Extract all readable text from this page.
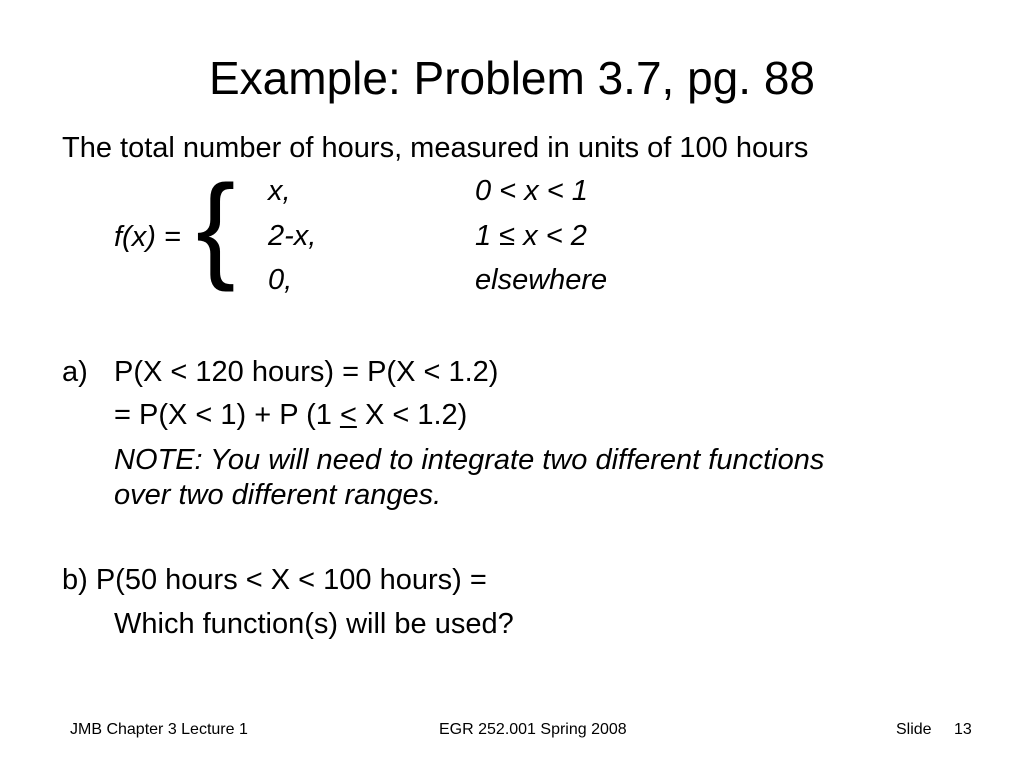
Example: Problem 3.7, pg. 88
The total number of hours, measured in units of 100 hours
f(x) = { x,	0 < x < 1
2-x,	1 ≤ x < 2
0,	elsewhere
a) P(X < 120 hours) = P(X < 1.2)
= P(X < 1) + P (1 ≤ X < 1.2)
NOTE: You will need to integrate two different functions
over two different ranges.
b) P(50 hours < X < 100 hours) =
Which function(s) will be used?
JMB Chapter 3 Lecture 1	EGR 252.001 Spring 2008	Slide 13
